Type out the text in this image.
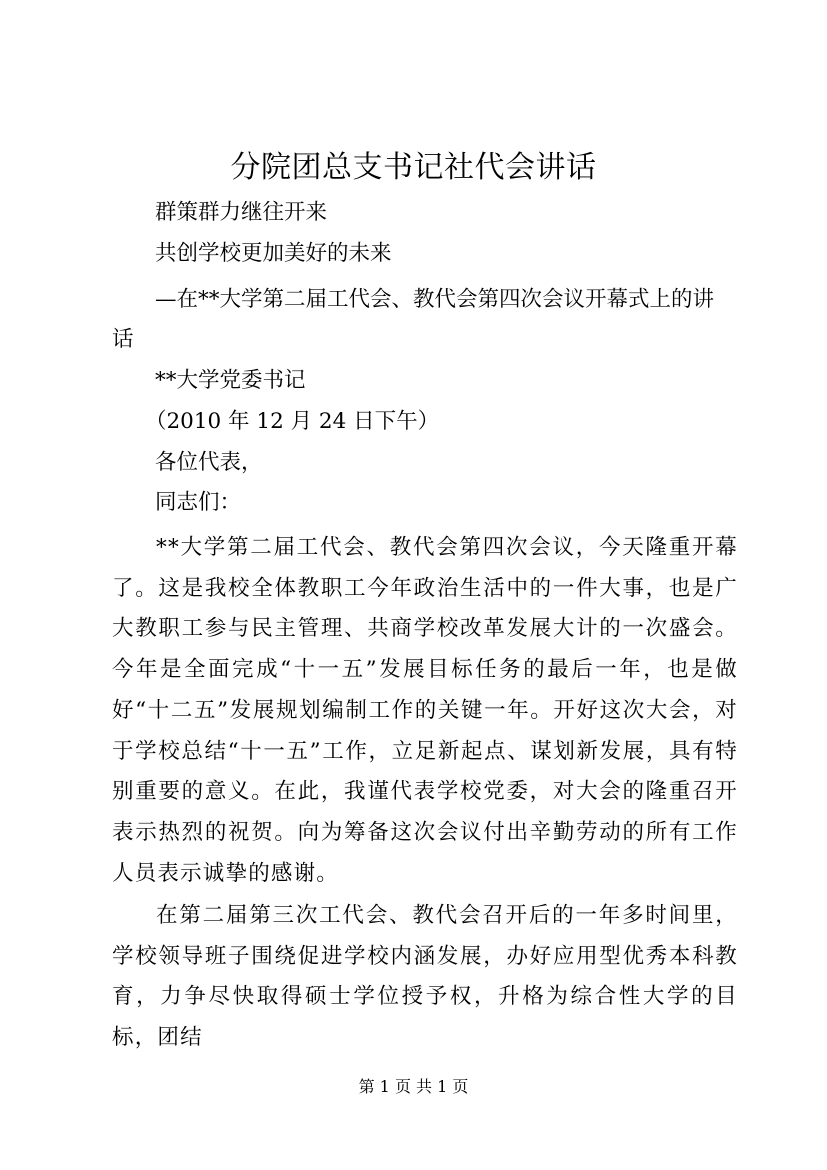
分院团总支书记社代会讲话
群策群力继往开来
共创学校更加美好的未来
—在**大学第二届工代会、教代会第四次会议开幕式上的讲
话
**大学党委书记
（2010 年 12 月 24 日下午）
各位代表，
同志们：
**大学第二届工代会、教代会第四次会议，今天隆重开幕了。这是我校全体教职工今年政治生活中的一件大事，也是广大教职工参与民主管理、共商学校改革发展大计的一次盛会。今年是全面完成“十一五”发展目标任务的最后一年，也是做好“十二五”发展规划编制工作的关键一年。开好这次大会，对于学校总结“十一五”工作，立足新起点、谋划新发展，具有特别重要的意义。在此，我谨代表学校党委，对大会的隆重召开表示热烈的祝贺。向为筹备这次会议付出辛勤劳动的所有工作人员表示诚挚的感谢。
在第二届第三次工代会、教代会召开后的一年多时间里，学校领导班子围绕促进学校内涵发展，办好应用型优秀本科教育，力争尽快取得硕士学位授予权，升格为综合性大学的目标，团结
第 1 页 共 1 页
